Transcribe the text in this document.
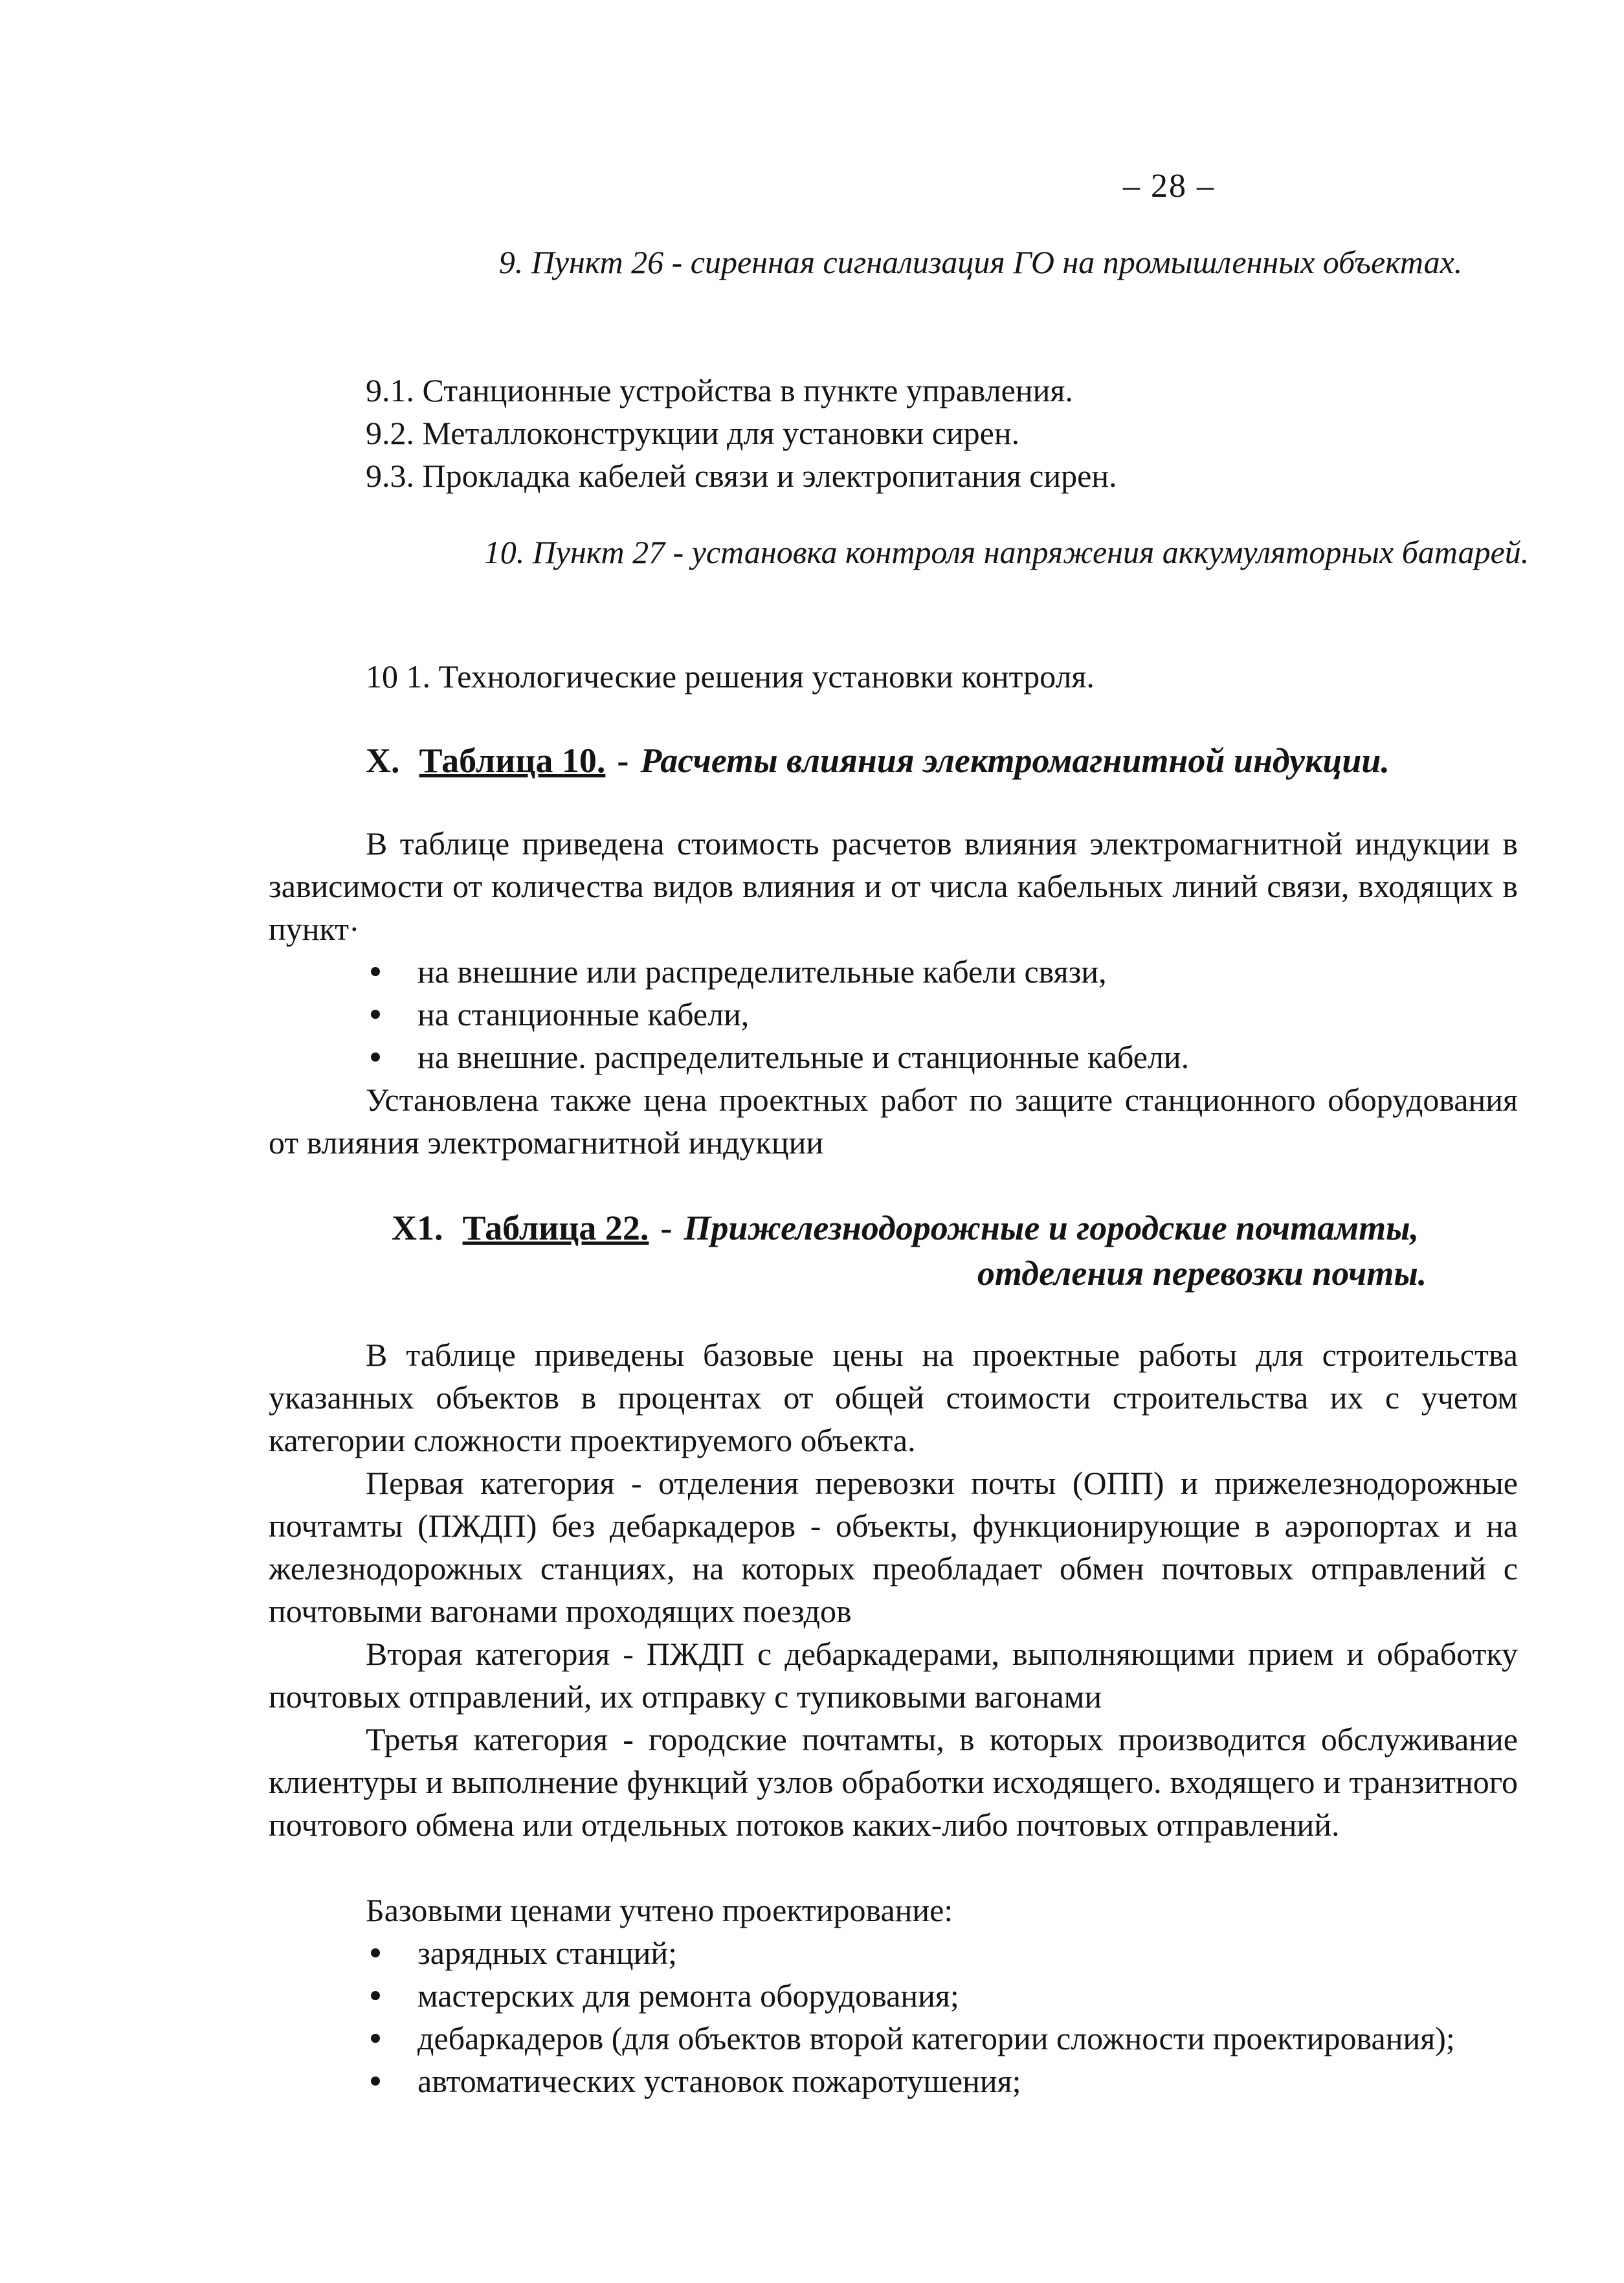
– 28 –
9. Пункт 26 - сиренная сигнализация ГО на промышленных объектах.
9.1. Станционные устройства в пункте управления.
9.2. Металлоконструкции для установки сирен.
9.3. Прокладка кабелей связи и электропитания сирен.
10. Пункт 27 - установка контроля напряжения аккумуляторных батарей.
10 1. Технологические решения установки контроля.
X. Таблица 10. - Расчеты влияния электромагнитной индукции.
В таблице приведена стоимость расчетов влияния электромагнитной индукции в зависимости от количества видов влияния и от числа кабельных линий связи, входящих в пункт·
на внешние или распределительные кабели связи,
на станционные кабели,
на внешние. распределительные и станционные кабели.
Установлена также цена проектных работ по защите станционного оборудования от влияния электромагнитной индукции
X1. Таблица 22. - Прижелезнодорожные и городские почтамты,
отделения перевозки почты.
В таблице приведены базовые цены на проектные работы для строительства указанных объектов в процентах от общей стоимости строительства их с учетом категории сложности проектируемого объекта.
Первая категория - отделения перевозки почты (ОПП) и прижелезнодорожные почтамты (ПЖДП) без дебаркадеров - объекты, функционирующие в аэропортах и на железнодорожных станциях, на которых преобладает обмен почтовых отправлений с почтовыми вагонами проходящих поездов
Вторая категория - ПЖДП с дебаркадерами, выполняющими прием и обработку почтовых отправлений, их отправку с тупиковыми вагонами
Третья категория - городские почтамты, в которых производится обслуживание клиентуры и выполнение функций узлов обработки исходящего. входящего и транзитного почтового обмена или отдельных потоков каких-либо почтовых отправлений.
Базовыми ценами учтено проектирование:
зарядных станций;
мастерских для ремонта оборудования;
дебаркадеров (для объектов второй категории сложности проектирования);
автоматических установок пожаротушения;
